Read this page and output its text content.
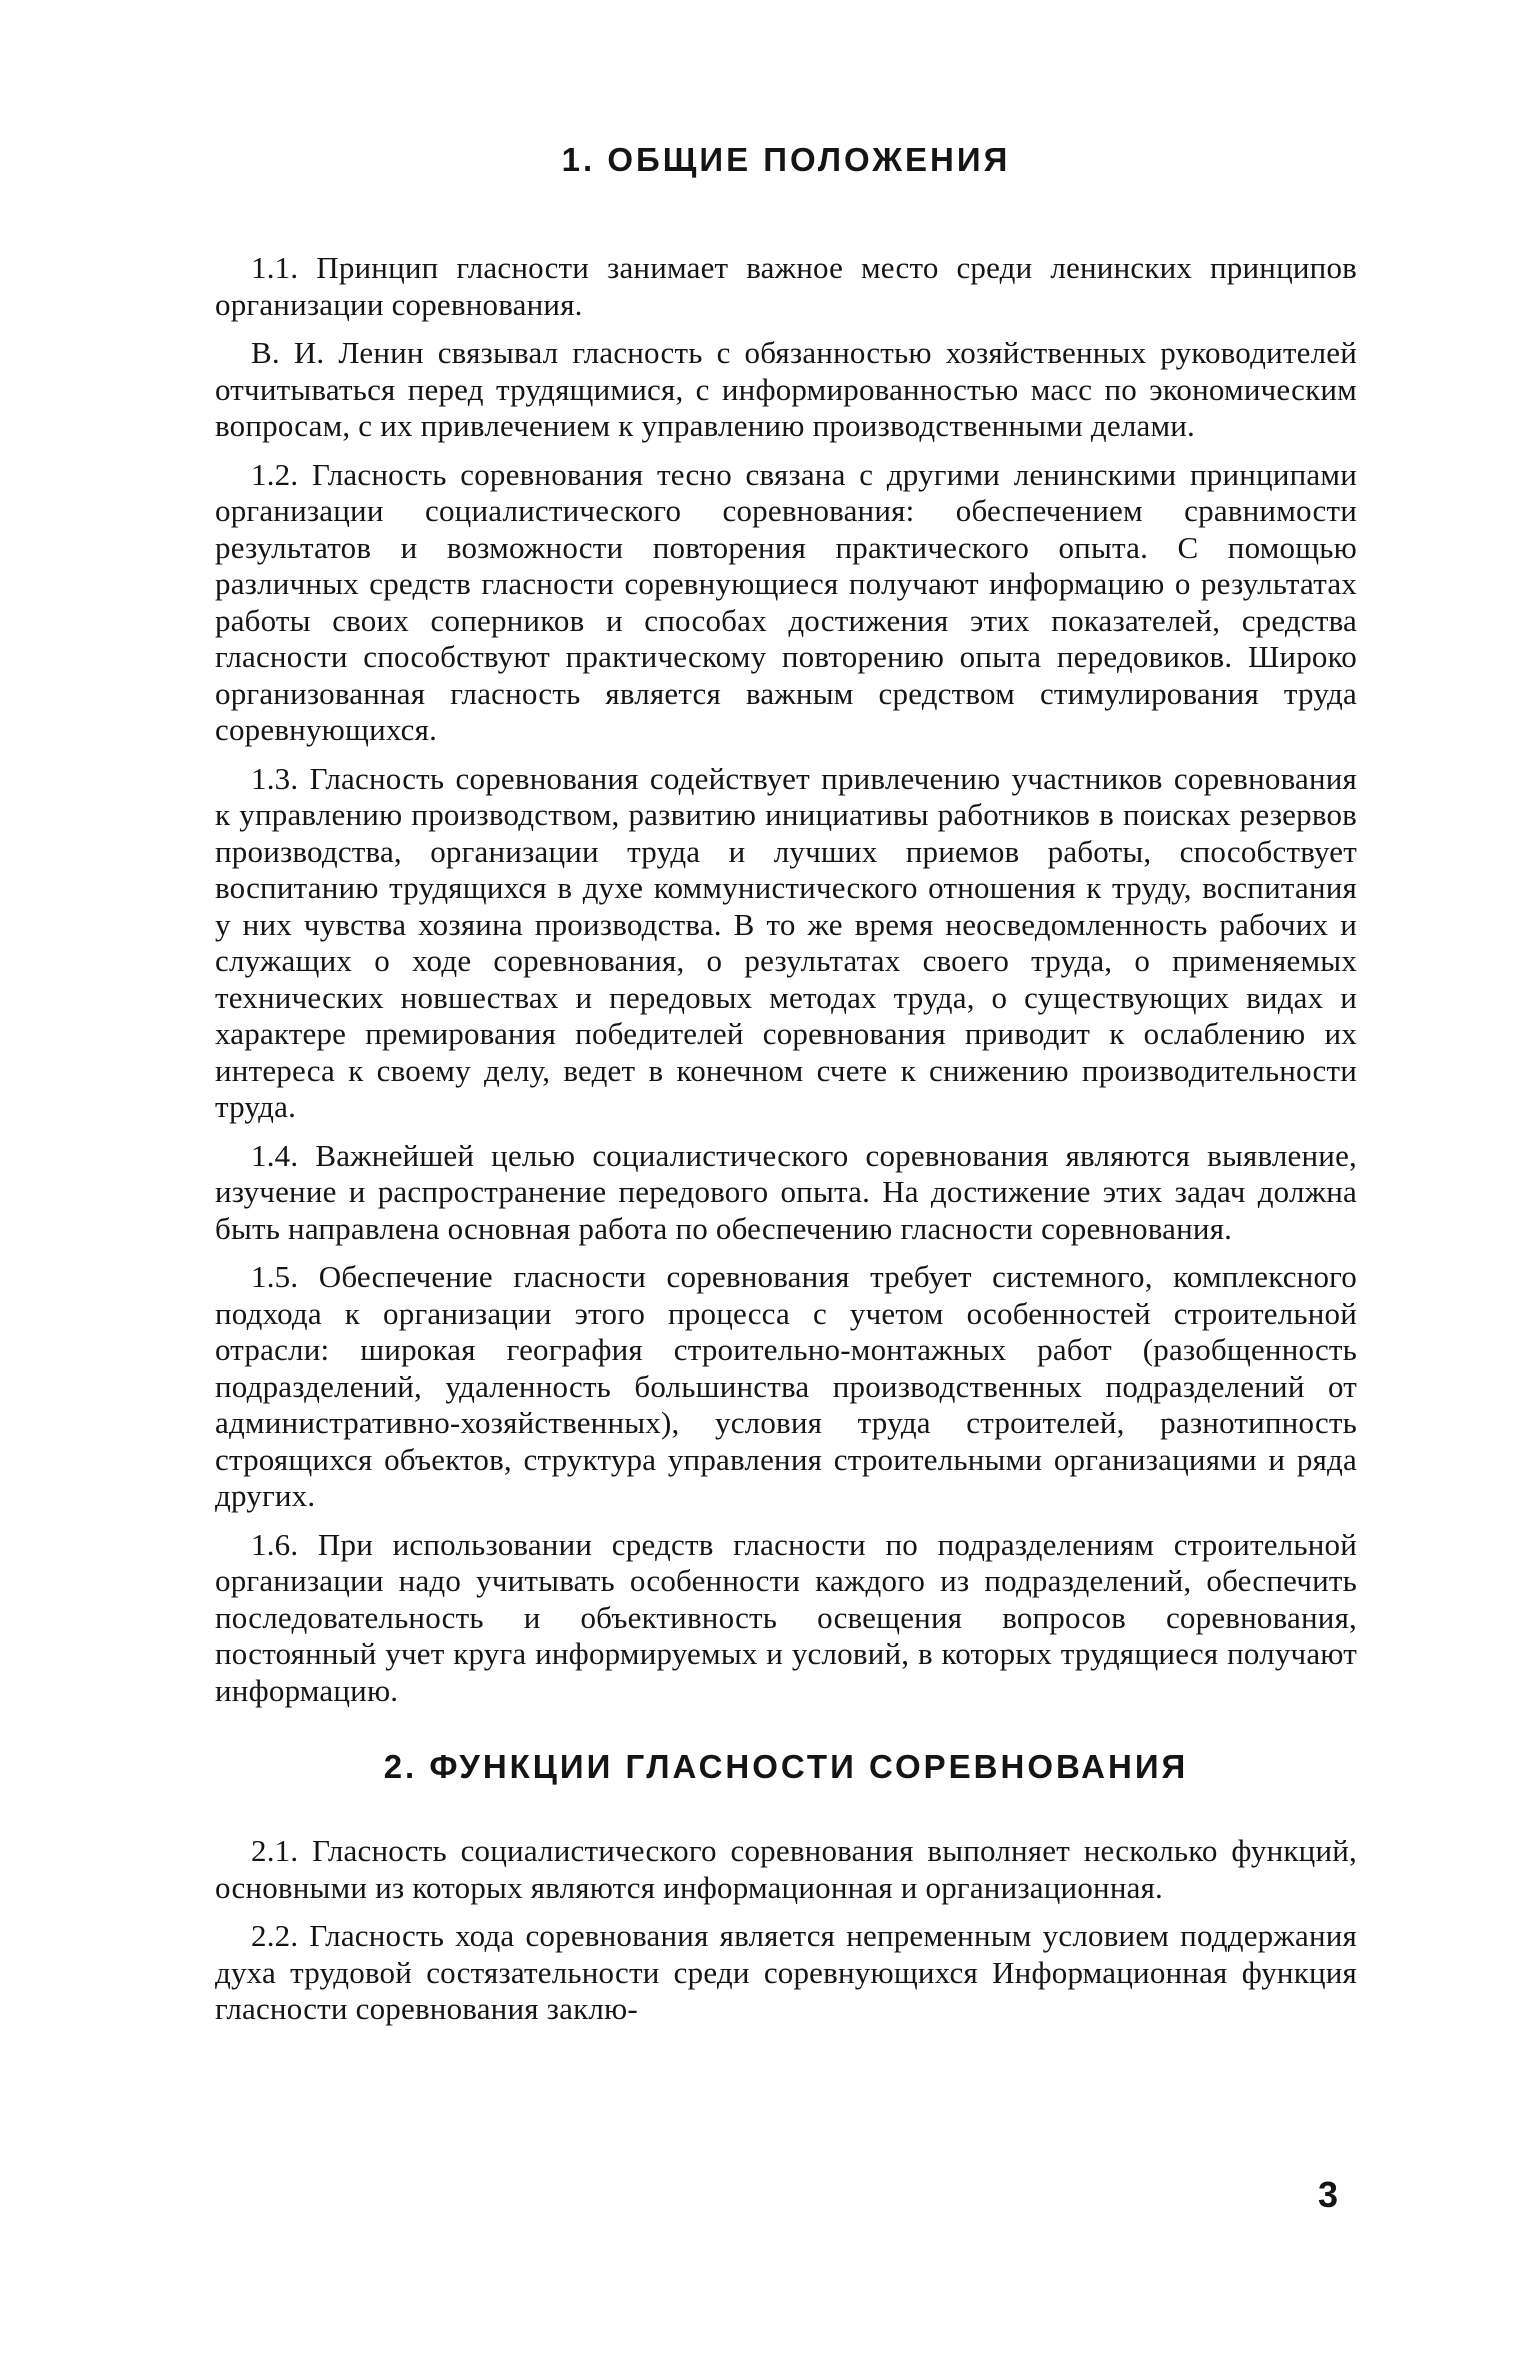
1. ОБЩИЕ ПОЛОЖЕНИЯ

1.1. Принцип гласности занимает важное место среди ленинских принципов организации соревнования.

В. И. Ленин связывал гласность с обязанностью хозяйственных руководителей отчитываться перед трудящимися, с информированностью масс по экономическим вопросам, с их привлечением к управлению производственными делами.

1.2. Гласность соревнования тесно связана с другими ленинскими принципами организации социалистического соревнования: обеспечением сравнимости результатов и возможности повторения практического опыта. С помощью различных средств гласности соревнующиеся получают информацию о результатах работы своих соперников и способах достижения этих показателей, средства гласности способствуют практическому повторению опыта передовиков. Широко организованная гласность является важным средством стимулирования труда соревнующихся.

1.3. Гласность соревнования содействует привлечению участников соревнования к управлению производством, развитию инициативы работников в поисках резервов производства, организации труда и лучших приемов работы, способствует воспитанию трудящихся в духе коммунистического отношения к труду, воспитания у них чувства хозяина производства. В то же время неосведомленность рабочих и служащих о ходе соревнования, о результатах своего труда, о применяемых технических новшествах и передовых методах труда, о существующих видах и характере премирования победителей соревнования приводит к ослаблению их интереса к своему делу, ведет в конечном счете к снижению производительности труда.

1.4. Важнейшей целью социалистического соревнования являются выявление, изучение и распространение передового опыта. На достижение этих задач должна быть направлена основная работа по обеспечению гласности соревнования.

1.5. Обеспечение гласности соревнования требует системного, комплексного подхода к организации этого процесса с учетом особенностей строительной отрасли: широкая география строительно-монтажных работ (разобщенность подразделений, удаленность большинства производственных подразделений от административно-хозяйственных), условия труда строителей, разнотипность строящихся объектов, структура управления строительными организациями и ряда других.

1.6. При использовании средств гласности по подразделениям строительной организации надо учитывать особенности каждого из подразделений, обеспечить последовательность и объективность освещения вопросов соревнования, постоянный учет круга информируемых и условий, в которых трудящиеся получают информацию.

2. ФУНКЦИИ ГЛАСНОСТИ СОРЕВНОВАНИЯ

2.1. Гласность социалистического соревнования выполняет несколько функций, основными из которых являются информационная и организационная.

2.2. Гласность хода соревнования является непременным условием поддержания духа трудовой состязательности среди соревнующихся Информационная функция гласности соревнования заклю-

3
